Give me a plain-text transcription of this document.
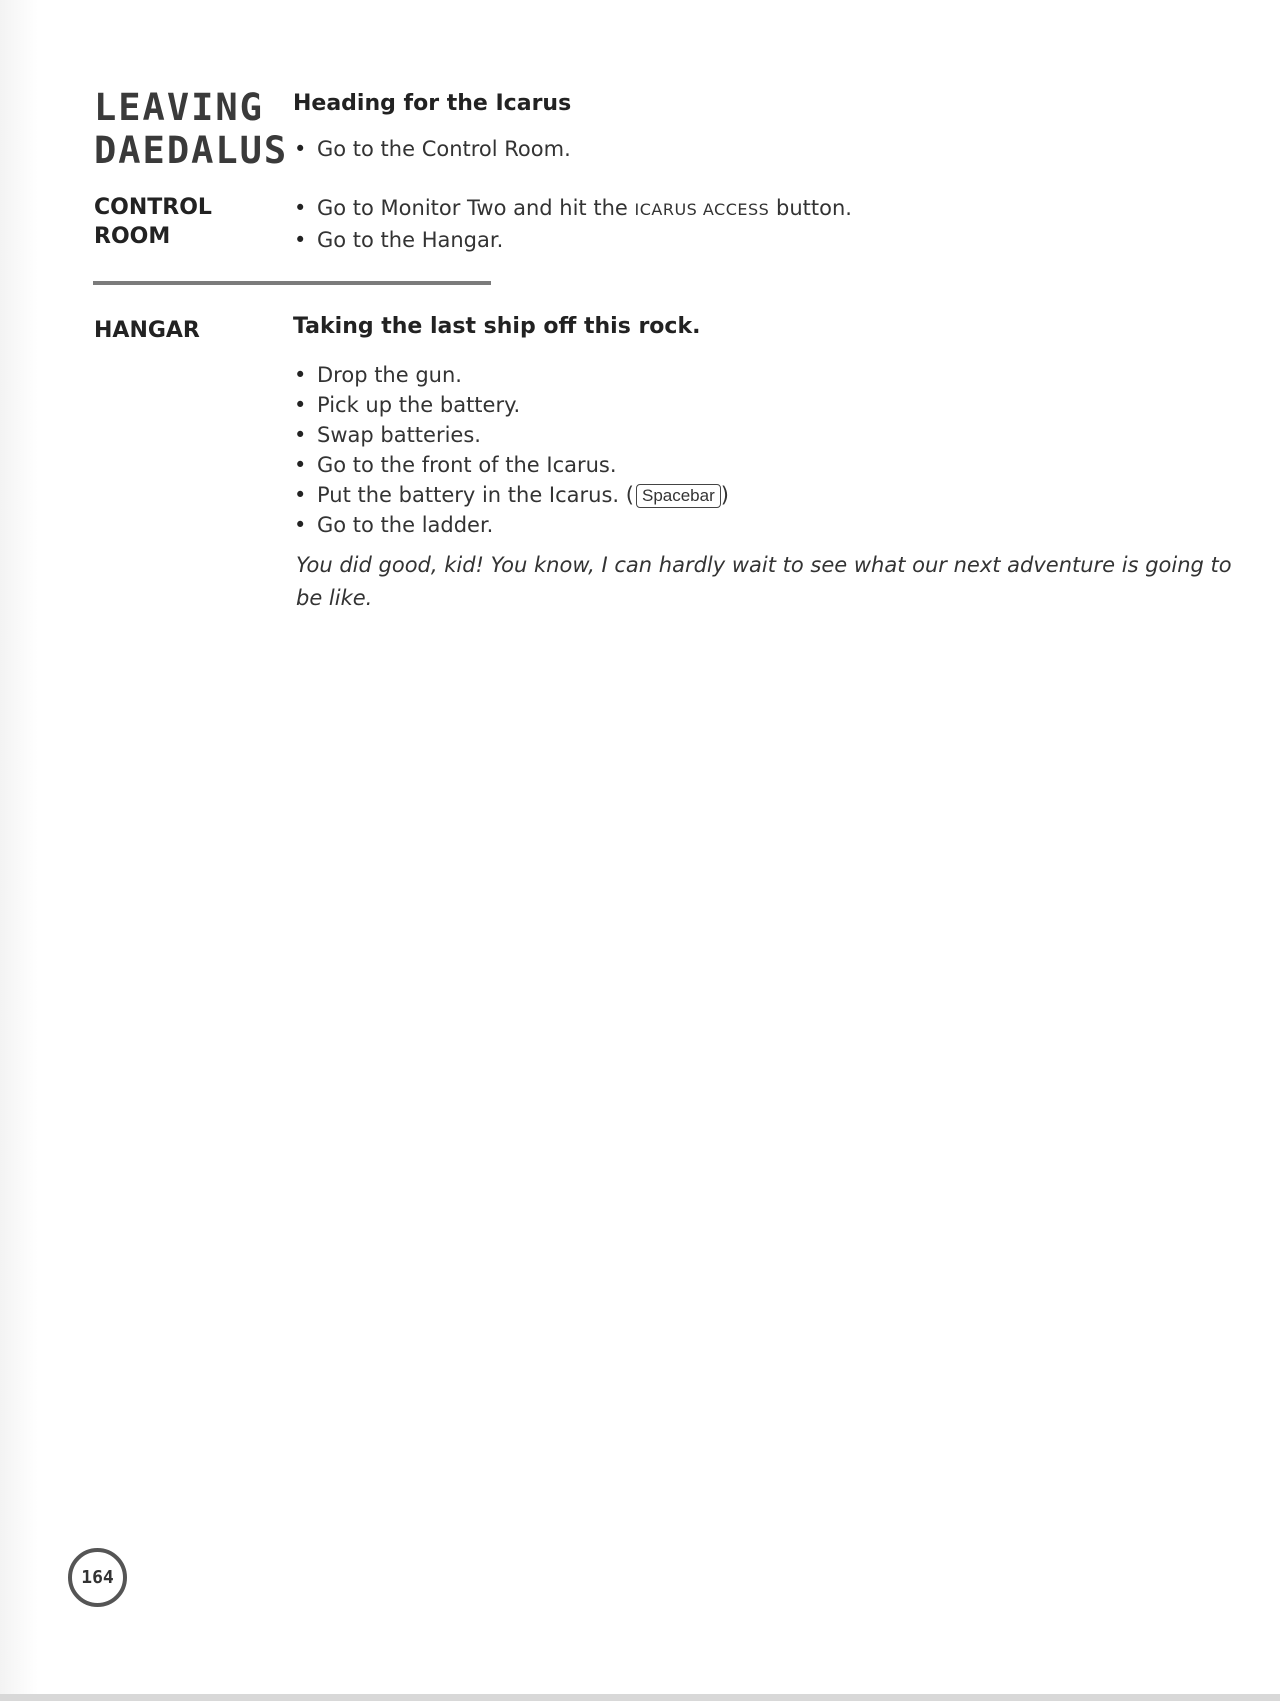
LEAVING
DAEDALUS
Heading for the Icarus
• Go to the Control Room.
CONTROL
ROOM
• Go to Monitor Two and hit the ICARUS ACCESS button.
• Go to the Hangar.
HANGAR	Taking the last ship off this rock.
• Drop the gun.
• Pick up the battery.
• Swap batteries.
• Go to the front of the Icarus.
• Put the battery in the Icarus. ( Spacebar )
• Go to the ladder.

You did good, kid! You know, I can hardly wait to see what our next adventure is going to be like.

164
